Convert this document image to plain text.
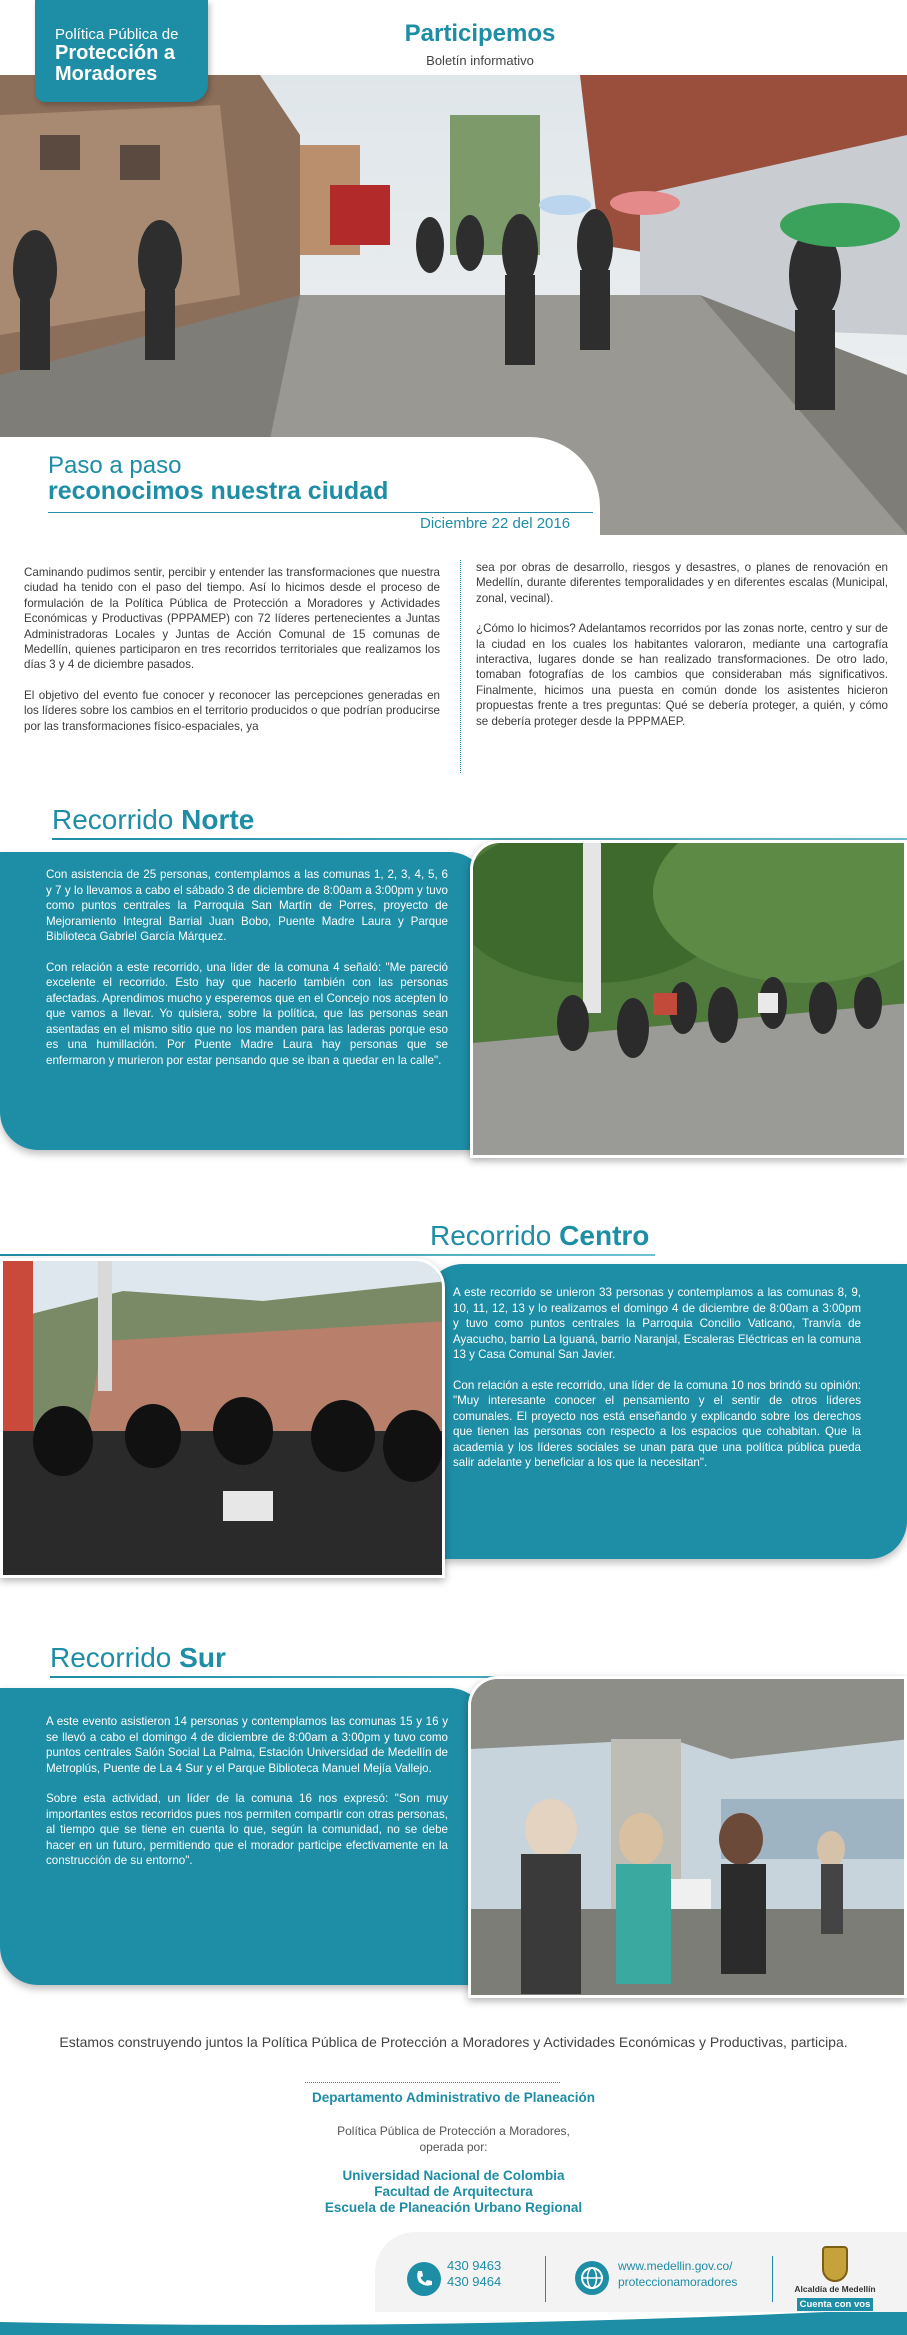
Política Pública de
Protección a
Moradores
Participemos
Boletín informativo
Paso a paso
reconocimos nuestra ciudad
Diciembre 22 del 2016

Caminando pudimos sentir, percibir y entender las transformaciones que nuestra ciudad ha tenido con el paso del tiempo. Así lo hicimos desde el proceso de formulación de la Política Pública de Protección a Moradores y Actividades Económicas y Productivas (PPPAMEP) con 72 líderes pertenecientes a Juntas Administradoras Locales y Juntas de Acción Comunal de 15 comunas de Medellín, quienes participaron en tres recorridos territoriales que realizamos los días 3 y 4 de diciembre pasados.

El objetivo del evento fue conocer y reconocer las percepciones generadas en los líderes sobre los cambios en el territorio producidos o que podrían producirse por las transformaciones físico-espaciales, ya

sea por obras de desarrollo, riesgos y desastres, o planes de renovación en Medellín, durante diferentes temporalidades y en diferentes escalas (Municipal, zonal, vecinal).

¿Cómo lo hicimos? Adelantamos recorridos por las zonas norte, centro y sur de la ciudad en los cuales los habitantes valoraron, mediante una cartografía interactiva, lugares donde se han realizado transformaciones. De otro lado, tomaban fotografías de los cambios que consideraban más significativos. Finalmente, hicimos una puesta en común donde los asistentes hicieron propuestas frente a tres preguntas: Qué se debería proteger, a quién, y cómo se debería proteger desde la PPPMAEP.

Recorrido Norte

Con asistencia de 25 personas, contemplamos a las comunas 1, 2, 3, 4, 5, 6 y 7 y lo llevamos a cabo el sábado 3 de diciembre de 8:00am a 3:00pm y tuvo como puntos centrales la Parroquia San Martín de Porres, proyecto de Mejoramiento Integral Barrial Juan Bobo, Puente Madre Laura y Parque Biblioteca Gabriel García Márquez.

Con relación a este recorrido, una líder de la comuna 4 señaló: "Me pareció excelente el recorrido. Esto hay que hacerlo también con las personas afectadas. Aprendimos mucho y esperemos que en el Concejo nos acepten lo que vamos a llevar. Yo quisiera, sobre la política, que las personas sean asentadas en el mismo sitio que no los manden para las laderas porque eso es una humillación. Por Puente Madre Laura hay personas que se enfermaron y murieron por estar pensando que se iban a quedar en la calle".

Recorrido Centro

A este recorrido se unieron 33 personas y contemplamos a las comunas 8, 9, 10, 11, 12, 13 y lo realizamos el domingo 4 de diciembre de 8:00am a 3:00pm y tuvo como puntos centrales la Parroquia Concilio Vaticano, Tranvía de Ayacucho, barrio La Iguaná, barrio Naranjal, Escaleras Eléctricas en la comuna 13 y Casa Comunal San Javier.

Con relación a este recorrido, una líder de la comuna 10 nos brindó su opinión: "Muy interesante conocer el pensamiento y el sentir de otros líderes comunales. El proyecto nos está enseñando y explicando sobre los derechos que tienen las personas con respecto a los espacios que cohabitan. Que la academia y los líderes sociales se unan para que una política pública pueda salir adelante y beneficiar a los que la necesitan".

Recorrido Sur

A este evento asistieron 14 personas y contemplamos las comunas 15 y 16 y se llevó a cabo el domingo 4 de diciembre de 8:00am a 3:00pm y tuvo como puntos centrales Salón Social La Palma, Estación Universidad de Medellín de Metroplús, Puente de La 4 Sur y el Parque Biblioteca Manuel Mejía Vallejo.

Sobre esta actividad, un líder de la comuna 16 nos expresó: "Son muy importantes estos recorridos pues nos permiten compartir con otras personas, al tiempo que se tiene en cuenta lo que, según la comunidad, no se debe hacer en un futuro, permitiendo que el morador participe efectivamente en la construcción de su entorno".

Estamos construyendo juntos la Política Pública de Protección a Moradores y Actividades Económicas y Productivas, participa.
Departamento Administrativo de Planeación
Política Pública de Protección a Moradores,
operada por:
Universidad Nacional de Colombia
Facultad de Arquitectura
Escuela de Planeación Urbano Regional
430 9463
430 9464
www.medellin.gov.co/
proteccionamoradores	Alcaldía de Medellín
Cuenta con vos
